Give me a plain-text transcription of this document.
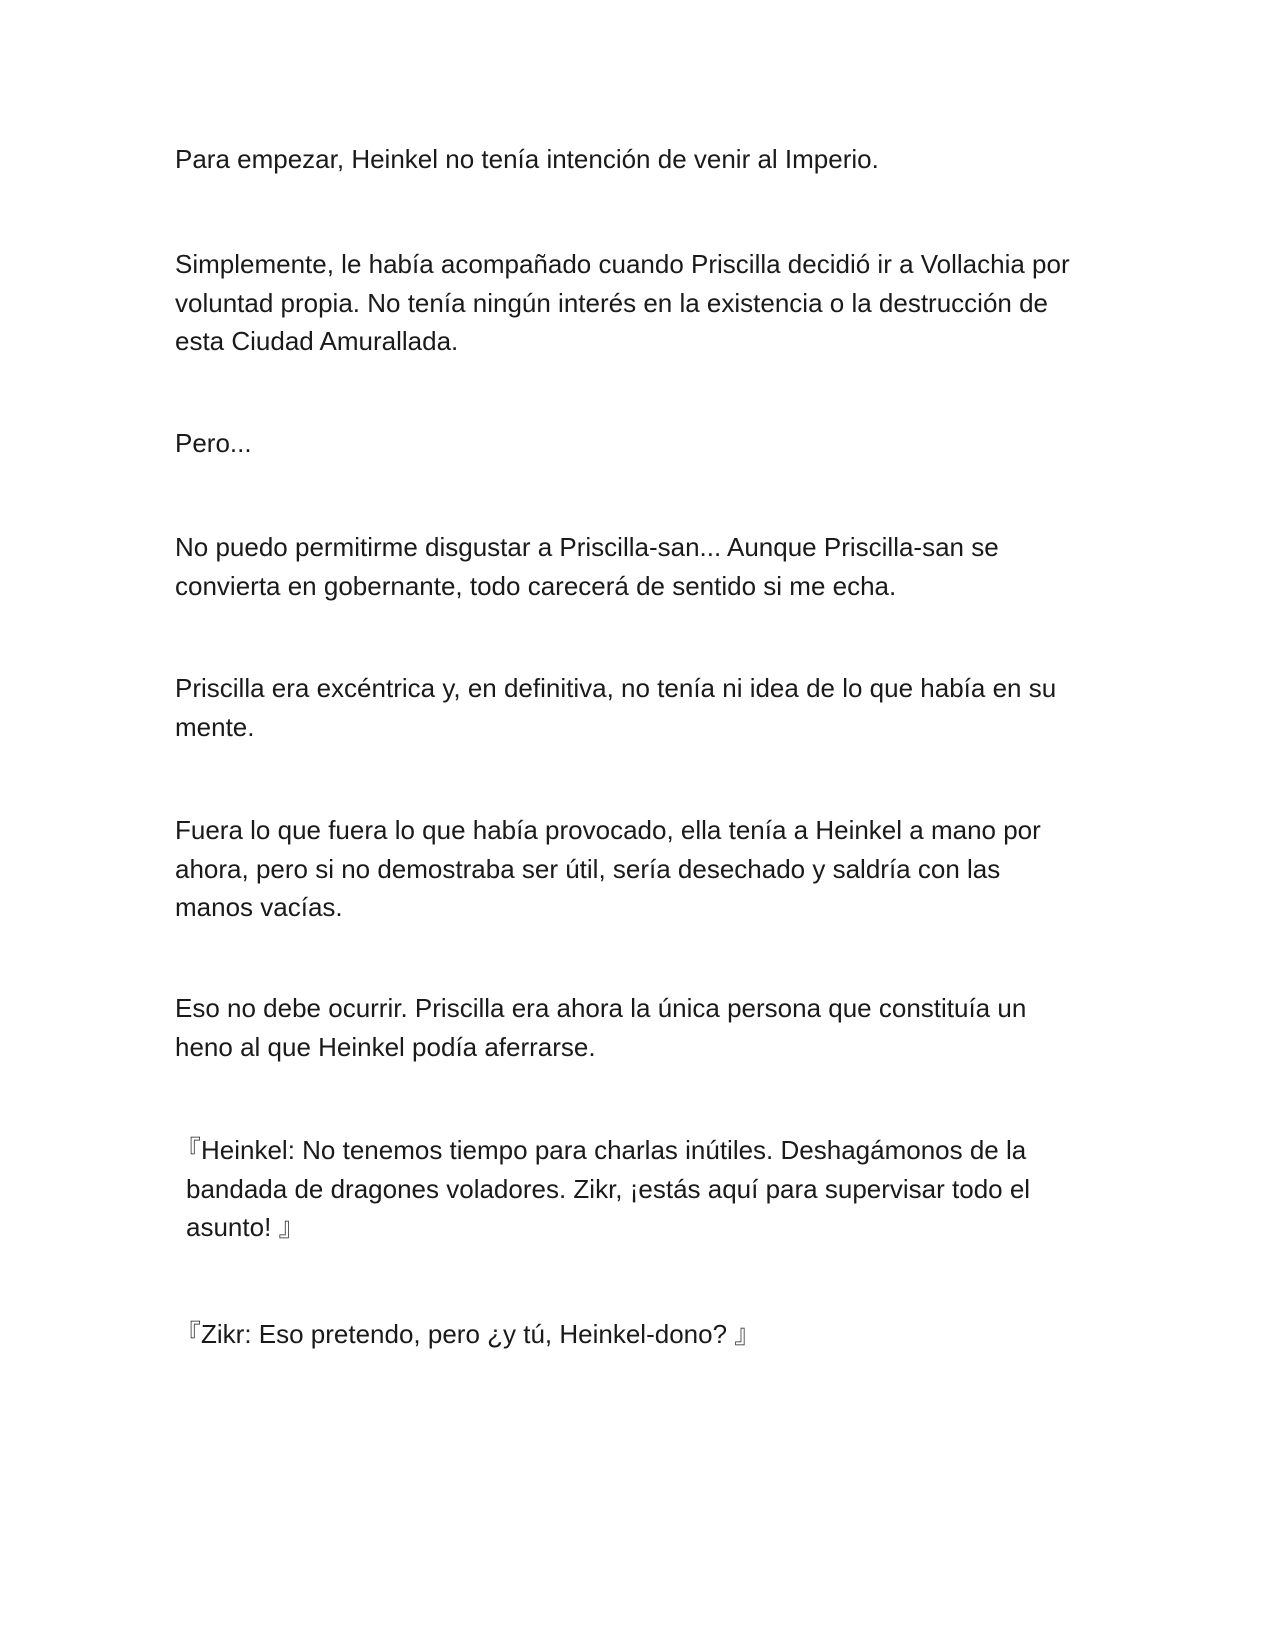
Para empezar, Heinkel no tenía intención de venir al Imperio.

Simplemente, le había acompañado cuando Priscilla decidió ir a Vollachia por
voluntad propia. No tenía ningún interés en la existencia o la destrucción de
esta Ciudad Amurallada.

Pero...

No puedo permitirme disgustar a Priscilla-san... Aunque Priscilla-san se
convierta en gobernante, todo carecerá de sentido si me echa.

Priscilla era excéntrica y, en definitiva, no tenía ni idea de lo que había en su
mente.

Fuera lo que fuera lo que había provocado, ella tenía a Heinkel a mano por
ahora, pero si no demostraba ser útil, sería desechado y saldría con las
manos vacías.

Eso no debe ocurrir. Priscilla era ahora la única persona que constituía un
heno al que Heinkel podía aferrarse.

『Heinkel: No tenemos tiempo para charlas inútiles. Deshagámonos de la
bandada de dragones voladores. Zikr, ¡estás aquí para supervisar todo el
asunto! 』

『Zikr: Eso pretendo, pero ¿y tú, Heinkel-dono? 』
